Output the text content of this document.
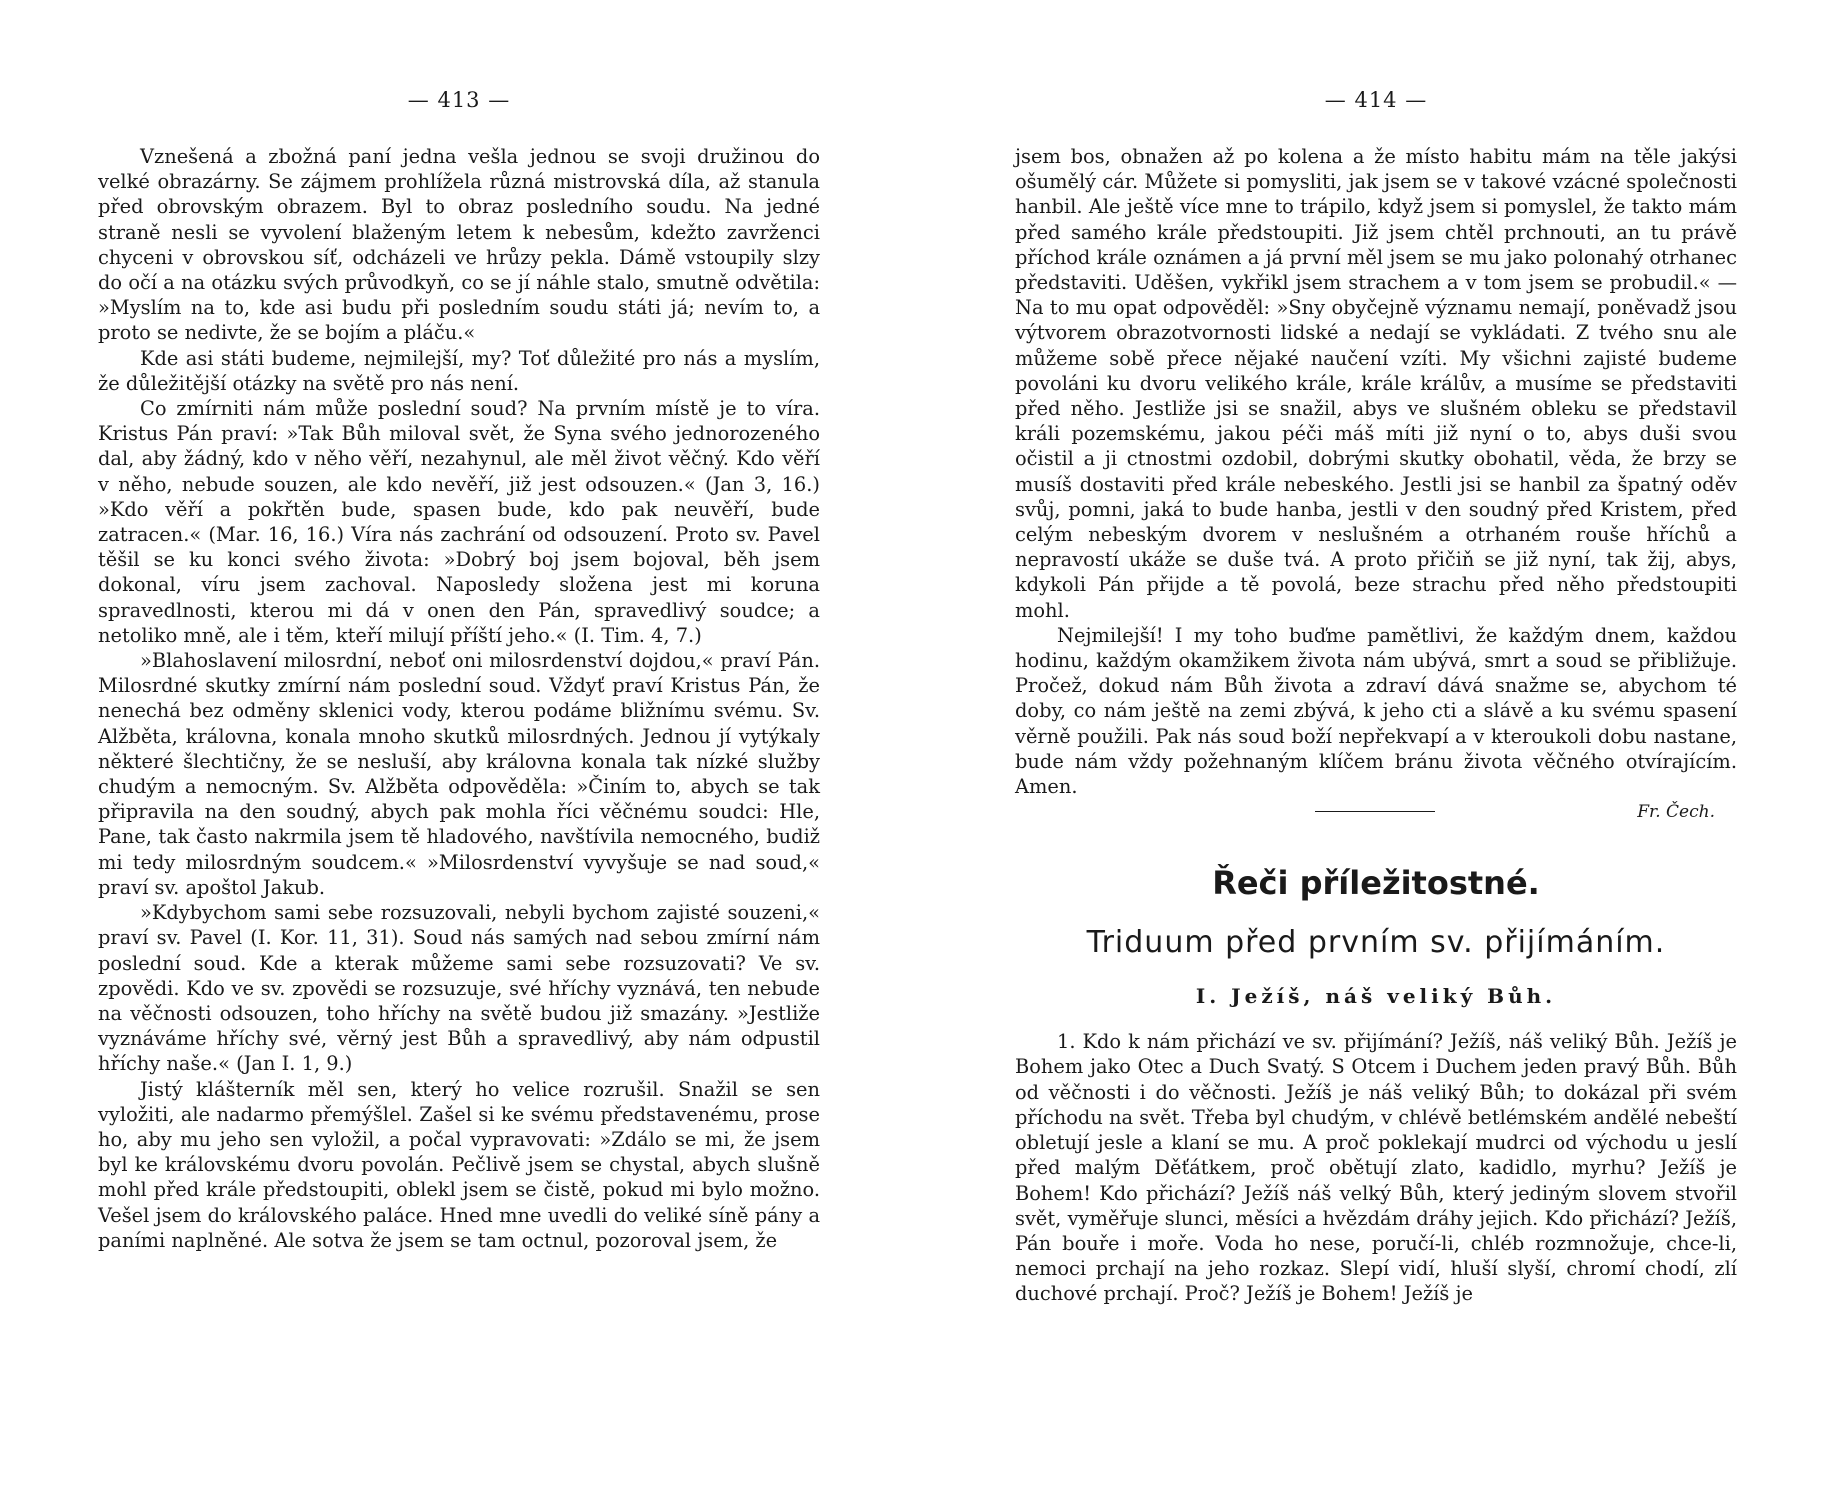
— 413 —

Vznešená a zbožná paní jedna vešla jednou se svoji družinou do velké obrazárny. Se zájmem prohlížela různá mistrovská díla, až stanula před obrovským obrazem. Byl to obraz posledního soudu. Na jedné straně nesli se vyvolení blaženým letem k nebesům, kdežto zavrženci chyceni v obrovskou síť, odcházeli ve hrůzy pekla. Dámě vstoupily slzy do očí a na otázku svých průvodkyň, co se jí náhle stalo, smutně odvětila: »Myslím na to, kde asi budu při posledním soudu státi já; nevím to, a proto se nedivte, že se bojím a pláču.«

Kde asi státi budeme, nejmilejší, my? Toť důležité pro nás a myslím, že důležitější otázky na světě pro nás není.

Co zmírniti nám může poslední soud? Na prvním místě je to víra. Kristus Pán praví: »Tak Bůh miloval svět, že Syna svého jednorozeného dal, aby žádný, kdo v něho věří, nezahynul, ale měl život věčný. Kdo věří v něho, nebude souzen, ale kdo nevěří, již jest odsouzen.« (Jan 3, 16.) »Kdo věří a pokřtěn bude, spasen bude, kdo pak neuvěří, bude zatracen.« (Mar. 16, 16.) Víra nás zachrání od odsouzení. Proto sv. Pavel těšil se ku konci svého života: »Dobrý boj jsem bojoval, běh jsem dokonal, víru jsem zachoval. Naposledy složena jest mi koruna spravedlnosti, kterou mi dá v onen den Pán, spravedlivý soudce; a netoliko mně, ale i těm, kteří milují příští jeho.« (I. Tim. 4, 7.)

»Blahoslavení milosrdní, neboť oni milosrdenství dojdou,« praví Pán. Milosrdné skutky zmírní nám poslední soud. Vždyť praví Kristus Pán, že nenechá bez odměny sklenici vody, kterou podáme bližnímu svému. Sv. Alžběta, královna, konala mnoho skutků milosrdných. Jednou jí vytýkaly některé šlechtičny, že se nesluší, aby královna konala tak nízké služby chudým a nemocným. Sv. Alžběta odpověděla: »Činím to, abych se tak připravila na den soudný, abych pak mohla říci věčnému soudci: Hle, Pane, tak často nakrmila jsem tě hladového, navštívila nemocného, budiž mi tedy milosrdným soudcem.« »Milosrdenství vyvyšuje se nad soud,« praví sv. apoštol Jakub.

»Kdybychom sami sebe rozsuzovali, nebyli bychom zajisté souzeni,« praví sv. Pavel (I. Kor. 11, 31). Soud nás samých nad sebou zmírní nám poslední soud. Kde a kterak můžeme sami sebe rozsuzovati? Ve sv. zpovědi. Kdo ve sv. zpovědi se rozsuzuje, své hříchy vyznává, ten nebude na věčnosti odsouzen, toho hříchy na světě budou již smazány. »Jestliže vyznáváme hříchy své, věrný jest Bůh a spravedlivý, aby nám odpustil hříchy naše.« (Jan I. 1, 9.)

Jistý klášterník měl sen, který ho velice rozrušil. Snažil se sen vyložiti, ale nadarmo přemýšlel. Zašel si ke svému představenému, prose ho, aby mu jeho sen vyložil, a počal vypravovati: »Zdálo se mi, že jsem byl ke královskému dvoru povolán. Pečlivě jsem se chystal, abych slušně mohl před krále předstoupiti, oblekl jsem se čistě, pokud mi bylo možno. Vešel jsem do královského paláce. Hned mne uvedli do veliké síně pány a paními naplněné. Ale sotva že jsem se tam octnul, pozoroval jsem, že

— 414 —

jsem bos, obnažen až po kolena a že místo habitu mám na těle jakýsi ošumělý cár. Můžete si pomysliti, jak jsem se v takové vzácné společnosti hanbil. Ale ještě více mne to trápilo, když jsem si pomyslel, že takto mám před samého krále předstoupiti. Již jsem chtěl prchnouti, an tu právě příchod krále oznámen a já první měl jsem se mu jako polonahý otrhanec představiti. Uděšen, vykřikl jsem strachem a v tom jsem se probudil.« — Na to mu opat odpověděl: »Sny obyčejně významu nemají, poněvadž jsou výtvorem obrazotvornosti lidské a nedají se vykládati. Z tvého snu ale můžeme sobě přece nějaké naučení vzíti. My všichni zajisté budeme povoláni ku dvoru velikého krále, krále králův, a musíme se představiti před něho. Jestliže jsi se snažil, abys ve slušném obleku se představil králi pozemskému, jakou péči máš míti již nyní o to, abys duši svou očistil a ji ctnostmi ozdobil, dobrými skutky obohatil, věda, že brzy se musíš dostaviti před krále nebeského. Jestli jsi se hanbil za špatný oděv svůj, pomni, jaká to bude hanba, jestli v den soudný před Kristem, před celým nebeským dvorem v neslušném a otrhaném rouše hříchů a nepravostí ukáže se duše tvá. A proto přičiň se již nyní, tak žij, abys, kdykoli Pán přijde a tě povolá, beze strachu před něho předstoupiti mohl.

Nejmilejší! I my toho buďme pamětlivi, že každým dnem, každou hodinu, každým okamžikem života nám ubývá, smrt a soud se přibližuje. Pročež, dokud nám Bůh života a zdraví dává snažme se, abychom té doby, co nám ještě na zemi zbývá, k jeho cti a slávě a ku svému spasení věrně použili. Pak nás soud boží nepřekvapí a v kteroukoli dobu nastane, bude nám vždy požehnaným klíčem bránu života věčného otvírajícím. Amen.

Fr. Čech.
Řeči příležitostné.
Triduum před prvním sv. přijímáním.
I. Ježíš, náš veliký Bůh.

1. Kdo k nám přichází ve sv. přijímání? Ježíš, náš veliký Bůh. Ježíš je Bohem jako Otec a Duch Svatý. S Otcem i Duchem jeden pravý Bůh. Bůh od věčnosti i do věčnosti. Ježíš je náš veliký Bůh; to dokázal při svém příchodu na svět. Třeba byl chudým, v chlévě betlémském andělé nebeští obletují jesle a klaní se mu. A proč poklekají mudrci od východu u jeslí před malým Děťátkem, proč obětují zlato, kadidlo, myrhu? Ježíš je Bohem! Kdo přichází? Ježíš náš velký Bůh, který jediným slovem stvořil svět, vyměřuje slunci, měsíci a hvězdám dráhy jejich. Kdo přichází? Ježíš, Pán bouře i moře. Voda ho nese, poručí-li, chléb rozmnožuje, chce-li, nemoci prchají na jeho rozkaz. Slepí vidí, hluší slyší, chromí chodí, zlí duchové prchají. Proč? Ježíš je Bohem! Ježíš je
